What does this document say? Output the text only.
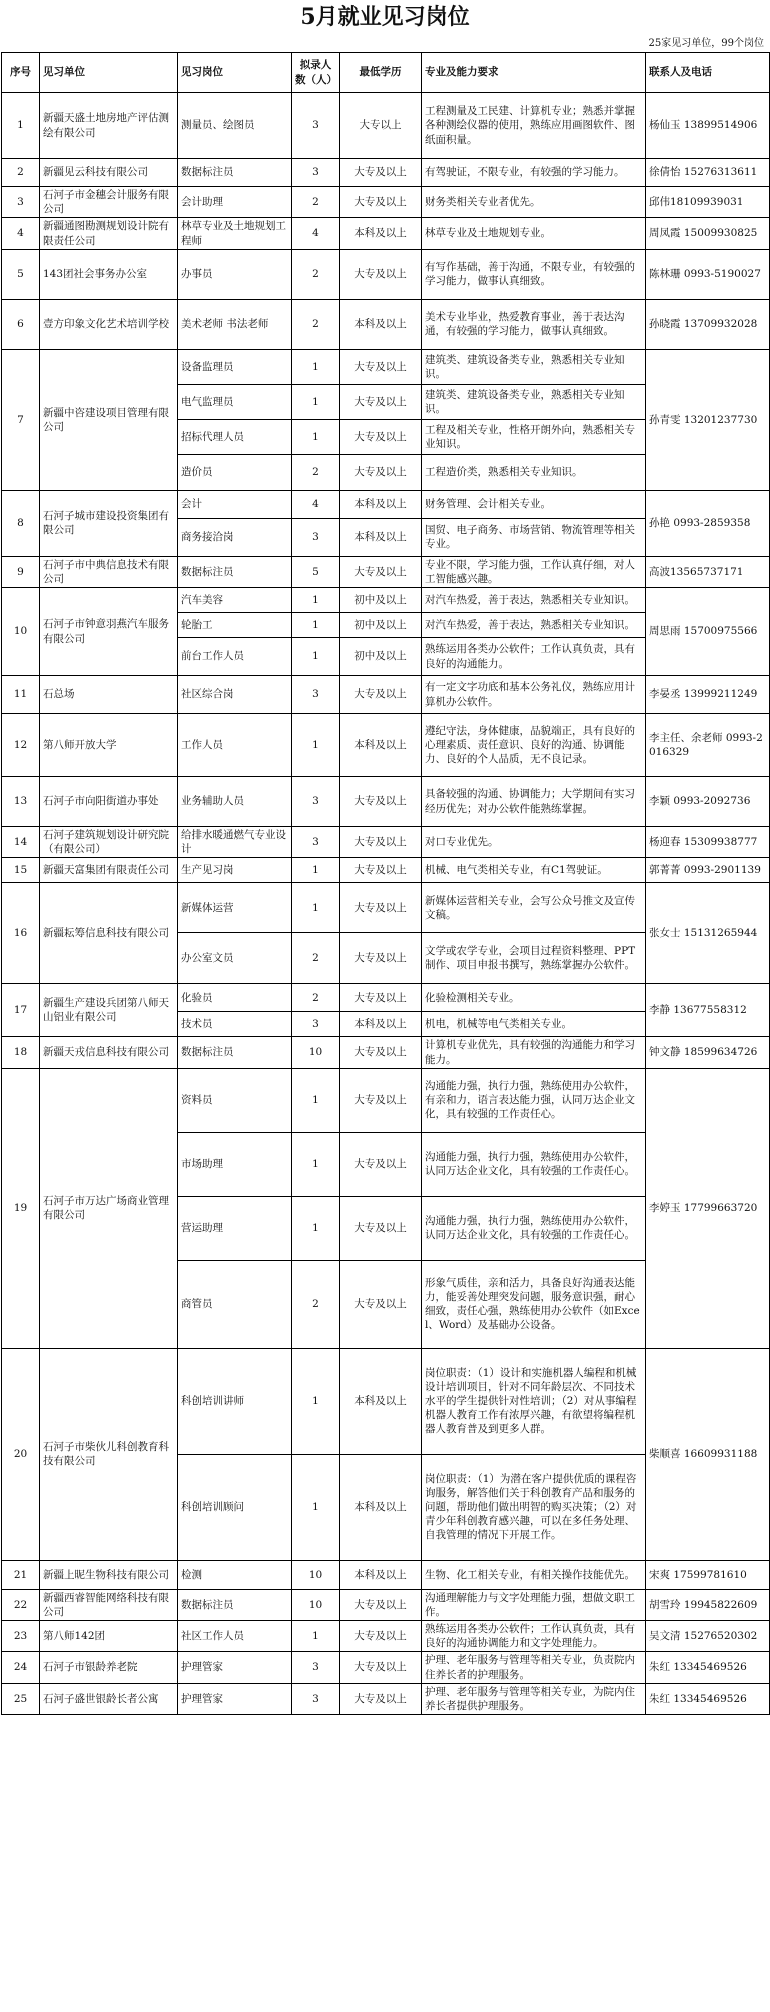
5月就业见习岗位
25家见习单位，99个岗位
序号	见习单位	见习岗位	拟录人数（人）	最低学历	专业及能力要求	联系人及电话
1	新疆天盛土地房地产评估测绘有限公司	测量员、绘图员	3	大专以上	工程测量及工民建、计算机专业；熟悉并掌握各种测绘仪器的使用，熟练应用画图软件、图纸面积量。	杨仙玉 13899514906
2	新疆见云科技有限公司	数据标注员	3	大专及以上	有驾驶证，不限专业，有较强的学习能力。	徐倩怡 15276313611
3	石河子市金穗会计服务有限公司	会计助理	2	大专及以上	财务类相关专业者优先。	邱伟18109939031
4	新疆通图勘测规划设计院有限责任公司	林草专业及土地规划工程师	4	本科及以上	林草专业及土地规划专业。	周凤霞 15009930825
5	143团社会事务办公室	办事员	2	大专及以上	有写作基础，善于沟通，不限专业，有较强的学习能力，做事认真细致。	陈林珊 0993-5190027
6	壹方印象文化艺术培训学校	美术老师 书法老师	2	本科及以上	美术专业毕业，热爱教育事业，善于表达沟通，有较强的学习能力，做事认真细致。	孙晓霞 13709932028
7	新疆中咨建设项目管理有限公司	设备监理员	1	大专及以上	建筑类、建筑设备类专业，熟悉相关专业知识。	孙青雯 13201237730
		电气监理员	1	大专及以上	建筑类、建筑设备类专业，熟悉相关专业知识。	
		招标代理人员	1	大专及以上	工程及相关专业，性格开朗外向，熟悉相关专业知识。	
		造价员	2	大专及以上	工程造价类，熟悉相关专业知识。	
8	石河子城市建设投资集团有限公司	会计	4	本科及以上	财务管理、会计相关专业。	孙艳 0993-2859358
		商务接洽岗	3	本科及以上	国贸、电子商务、市场营销、物流管理等相关专业。	
9	石河子市中典信息技术有限公司	数据标注员	5	大专及以上	专业不限，学习能力强，工作认真仔细，对人工智能感兴趣。	高波13565737171
10	石河子市钟意羽燕汽车服务有限公司	汽车美容	1	初中及以上	对汽车热爱，善于表达，熟悉相关专业知识。	周思雨 15700975566
		轮胎工	1	初中及以上	对汽车热爱，善于表达，熟悉相关专业知识。	
		前台工作人员	1	初中及以上	熟练运用各类办公软件；工作认真负责，具有良好的沟通能力。	
11	石总场	社区综合岗	3	大专及以上	有一定文字功底和基本公务礼仪，熟练应用计算机办公软件。	李晏丞 13999211249
12	第八师开放大学	工作人员	1	本科及以上	遵纪守法，身体健康，品貌端正，具有良好的心理素质、责任意识、良好的沟通、协调能力、良好的个人品质，无不良记录。	李主任、余老师 0993-2016329
13	石河子市向阳街道办事处	业务辅助人员	3	大专及以上	具备较强的沟通、协调能力；大学期间有实习经历优先；对办公软件能熟练掌握。	李颖 0993-2092736
14	石河子建筑规划设计研究院（有限公司）	给排水暖通燃气专业设计	3	大专及以上	对口专业优先。	杨迎春 15309938777
15	新疆天富集团有限责任公司	生产见习岗	1	大专及以上	机械、电气类相关专业，有C1驾驶证。	郭菁菁 0993-2901139
16	新疆耘筹信息科技有限公司	新媒体运营	1	大专及以上	新媒体运营相关专业，会写公众号推文及宣传文稿。	张女士 15131265944
		办公室文员	2	大专及以上	文学或农学专业，会项目过程资料整理、PPT制作、项目申报书撰写，熟练掌握办公软件。	
17	新疆生产建设兵团第八师天山铝业有限公司	化验员	2	大专及以上	化验检测相关专业。	李静 13677558312
		技术员	3	本科及以上	机电，机械等电气类相关专业。	
18	新疆天戎信息科技有限公司	数据标注员	10	大专及以上	计算机专业优先，具有较强的沟通能力和学习能力。	钟文静 18599634726
19	石河子市万达广场商业管理有限公司	资料员	1	大专及以上	沟通能力强，执行力强，熟练使用办公软件，有亲和力，语言表达能力强，认同万达企业文化，具有较强的工作责任心。	李婷玉 17799663720
		市场助理	1	大专及以上	沟通能力强，执行力强，熟练使用办公软件，认同万达企业文化，具有较强的工作责任心。	
		营运助理	1	大专及以上	沟通能力强，执行力强，熟练使用办公软件，认同万达企业文化，具有较强的工作责任心。	
		商管员	2	大专及以上	形象气质佳，亲和活力，具备良好沟通表达能力，能妥善处理突发问题，服务意识强，耐心细致，责任心强，熟练使用办公软件（如Excel、Word）及基础办公设备。	
20	石河子市柴伙儿科创教育科技有限公司	科创培训讲师	1	本科及以上	岗位职责：（1）设计和实施机器人编程和机械设计培训项目，针对不同年龄层次、不同技术水平的学生提供针对性培训；（2）对从事编程机器人教育工作有浓厚兴趣，有欲望将编程机器人教育普及到更多人群。	柴顺喜 16609931188
		科创培训顾问	1	本科及以上	岗位职责：（1）为潜在客户提供优质的课程咨询服务，解答他们关于科创教育产品和服务的问题，帮助他们做出明智的购买决策；（2）对青少年科创教育感兴趣，可以在多任务处理、自我管理的情况下开展工作。	
21	新疆上昵生物科技有限公司	检测	10	本科及以上	生物、化工相关专业，有相关操作技能优先。	宋爽 17599781610
22	新疆西睿智能网络科技有限公司	数据标注员	10	大专及以上	沟通理解能力与文字处理能力强，想做文职工作。	胡雪玲 19945822609
23	第八师142团	社区工作人员	1	大专及以上	熟练运用各类办公软件；工作认真负责，具有良好的沟通协调能力和文字处理能力。	吴文清 15276520302
24	石河子市银龄养老院	护理管家	3	大专及以上	护理、老年服务与管理等相关专业，负责院内住养长者的护理服务。	朱红 13345469526
25	石河子盛世银龄长者公寓	护理管家	3	大专及以上	护理、老年服务与管理等相关专业，为院内住养长者提供护理服务。	朱红 13345469526
